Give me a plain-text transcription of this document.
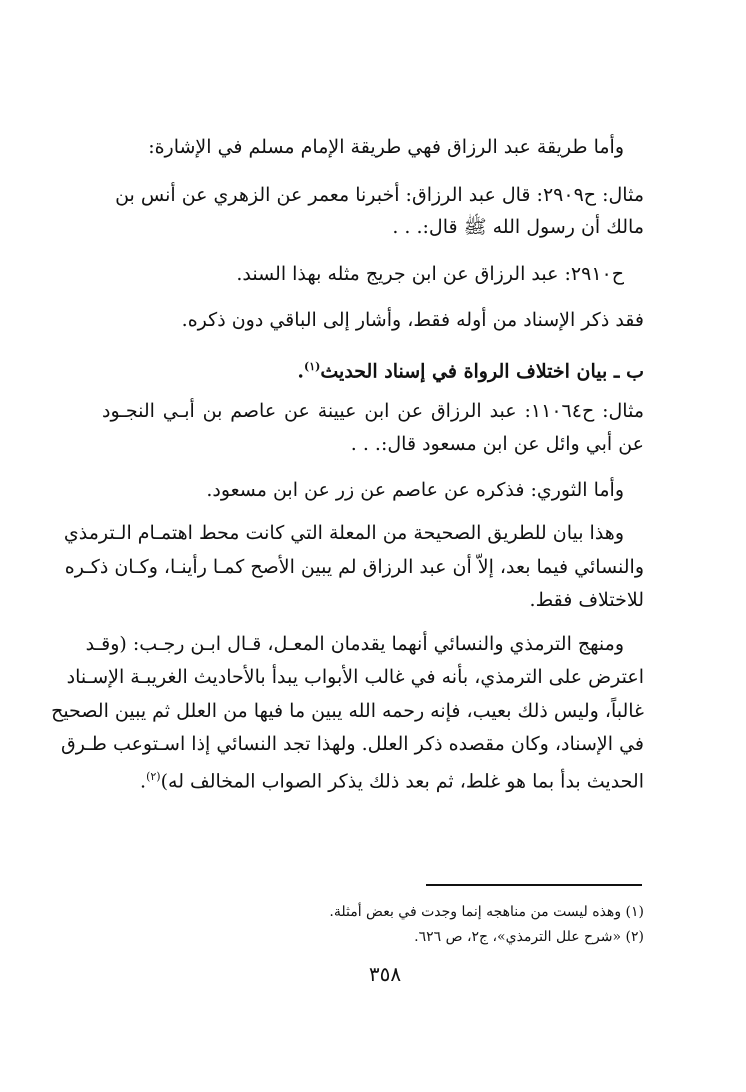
وأما طريقة عبد الرزاق فهي طريقة الإمام مسلم في الإشارة:
مثال: ح٢٩٠٩: قال عبد الرزاق: أخبرنا معمر عن الزهري عن أنس بن
مالك أن رسول الله ﷺ قال:. . .
ح٢٩١٠: عبد الرزاق عن ابن جريج مثله بهذا السند.
فقد ذكر الإسناد من أوله فقط، وأشار إلى الباقي دون ذكره.
ب ـ بيان اختلاف الرواة في إسناد الحديث$^{(١)}$.
مثال: ح١١٠٦٤: عبد الرزاق عن ابن عيينة عن عاصم بن أبـي النجـود
عن أبي وائل عن ابن مسعود قال:. . .
وأما الثوري: فذكره عن عاصم عن زر عن ابن مسعود.
وهذا بيان للطريق الصحيحة من المعلة التي كانت محط اهتمـام الـترمذي
والنسائي فيما بعد، إلاّ أن عبد الرزاق لم يبين الأصح كمـا رأينـا، وكـان ذكـره
للاختلاف فقط.
ومنهج الترمذي والنسائي أنهما يقدمان المعـل، قـال ابـن رجـب: (وقـد
اعترض على الترمذي، بأنه في غالب الأبواب يبدأ بالأحاديث الغريبـة الإسـناد
غالباً، وليس ذلك بعيب، فإنه رحمه الله يبين ما فيها من العلل ثم يبين الصحيح
في الإسناد، وكان مقصده ذكر العلل. ولهذا تجد النسائي إذا اسـتوعب طـرق
الحديث بدأ بما هو غلط، ثم بعد ذلك يذكر الصواب المخالف له)$^{(٢)}$.
(١) وهذه ليست من مناهجه إنما وجدت في بعض أمثلة.
(٢) «شرح علل الترمذي»، ج٢، ص ٦٢٦.
٣٥٨
